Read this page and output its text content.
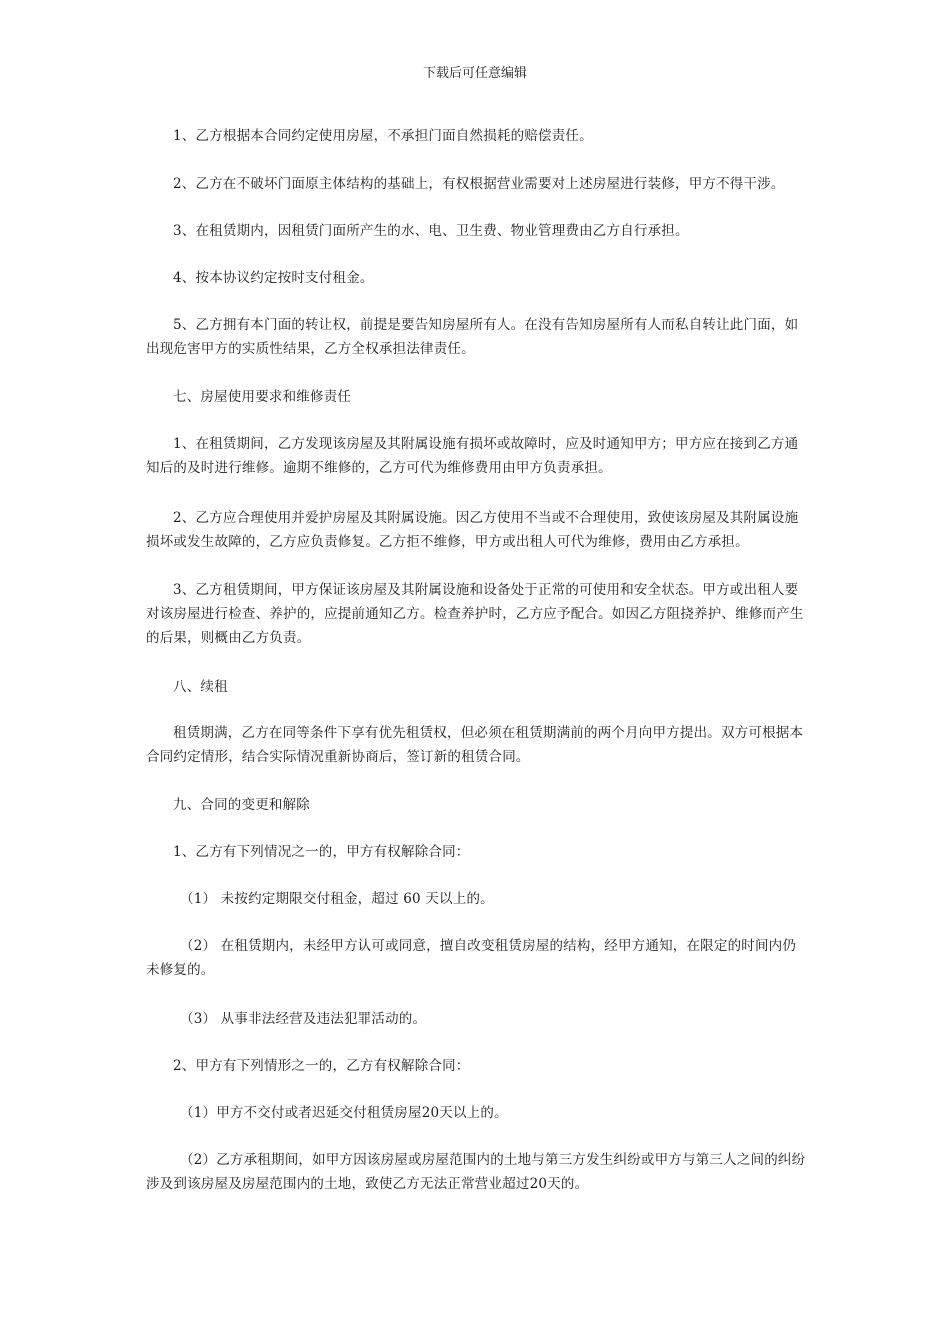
下载后可任意编辑

1、乙方根据本合同约定使用房屋，不承担门面自然损耗的赔偿责任。

2、乙方在不破坏门面原主体结构的基础上，有权根据营业需要对上述房屋进行装修，甲方不得干涉。

3、在租赁期内，因租赁门面所产生的水、电、卫生费、物业管理费由乙方自行承担。

4、按本协议约定按时支付租金。

5、乙方拥有本门面的转让权，前提是要告知房屋所有人。在没有告知房屋所有人而私自转让此门面，如出现危害甲方的实质性结果，乙方全权承担法律责任。

七、房屋使用要求和维修责任

1、在租赁期间，乙方发现该房屋及其附属设施有损坏或故障时，应及时通知甲方；甲方应在接到乙方通知后的及时进行维修。逾期不维修的，乙方可代为维修费用由甲方负责承担。

2、乙方应合理使用并爱护房屋及其附属设施。因乙方使用不当或不合理使用，致使该房屋及其附属设施损坏或发生故障的，乙方应负责修复。乙方拒不维修，甲方或出租人可代为维修，费用由乙方承担。

3、乙方租赁期间，甲方保证该房屋及其附属设施和设备处于正常的可使用和安全状态。甲方或出租人要对该房屋进行检查、养护的，应提前通知乙方。检查养护时，乙方应予配合。如因乙方阻挠养护、维修而产生的后果，则概由乙方负责。

八、续租

租赁期满，乙方在同等条件下享有优先租赁权，但必须在租赁期满前的两个月向甲方提出。双方可根据本合同约定情形，结合实际情况重新协商后，签订新的租赁合同。

九、合同的变更和解除

1、乙方有下列情况之一的，甲方有权解除合同：

（1） 未按约定期限交付租金，超过 60 天以上的。

（2） 在租赁期内，未经甲方认可或同意，擅自改变租赁房屋的结构，经甲方通知，在限定的时间内仍未修复的。

（3） 从事非法经营及违法犯罪活动的。

2、甲方有下列情形之一的，乙方有权解除合同：

（1）甲方不交付或者迟延交付租赁房屋20天以上的。

（2）乙方承租期间，如甲方因该房屋或房屋范围内的土地与第三方发生纠纷或甲方与第三人之间的纠纷涉及到该房屋及房屋范围内的土地，致使乙方无法正常营业超过20天的。
